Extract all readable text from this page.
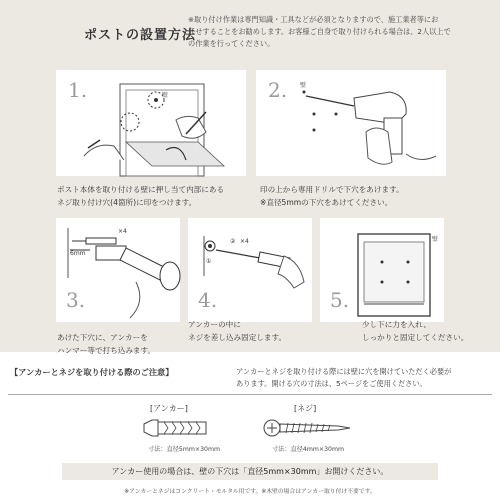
ポストの設置方法
※取り付け作業は専門知識・工具などが必須となりますので、施工業者等にお
任せすることをお勧めします。お客様ご自身で取り付けられる場合は、2人以上で
の作業を行ってください。
1.	壁
ポスト本体を取り付ける壁に押し当て内部にある
ネジ取り付け穴(4箇所)に印をつけます。
2. 壁
印の上から専用ドリルで下穴をあけます。
※直径5mmの下穴をあけてください。
3.
×4
6mm
あけた下穴に、アンカーを
ハンマー等で打ち込みます。
4.
② ×4
①
アンカーの中に
ネジを差し込み固定します。
5.
壁
少し下に力を入れ、
しっかりと固定してください。
【アンカーとネジを取り付ける際のご注意】	アンカーとネジを取り付ける際には壁に穴を開けていただく必要が
あります。開ける穴の寸法は、5ページをご使用ください。
[アンカー]
寸法：直径5mm×30mm
[ネジ]
寸法：直径4mm×30mm
アンカー使用の場合は、壁の下穴は「直径5mm×30mm」お開けください。
※アンカーとネジはコンクリート・モルタル用です。※木壁の場合はアンカー取り付け不要です。
